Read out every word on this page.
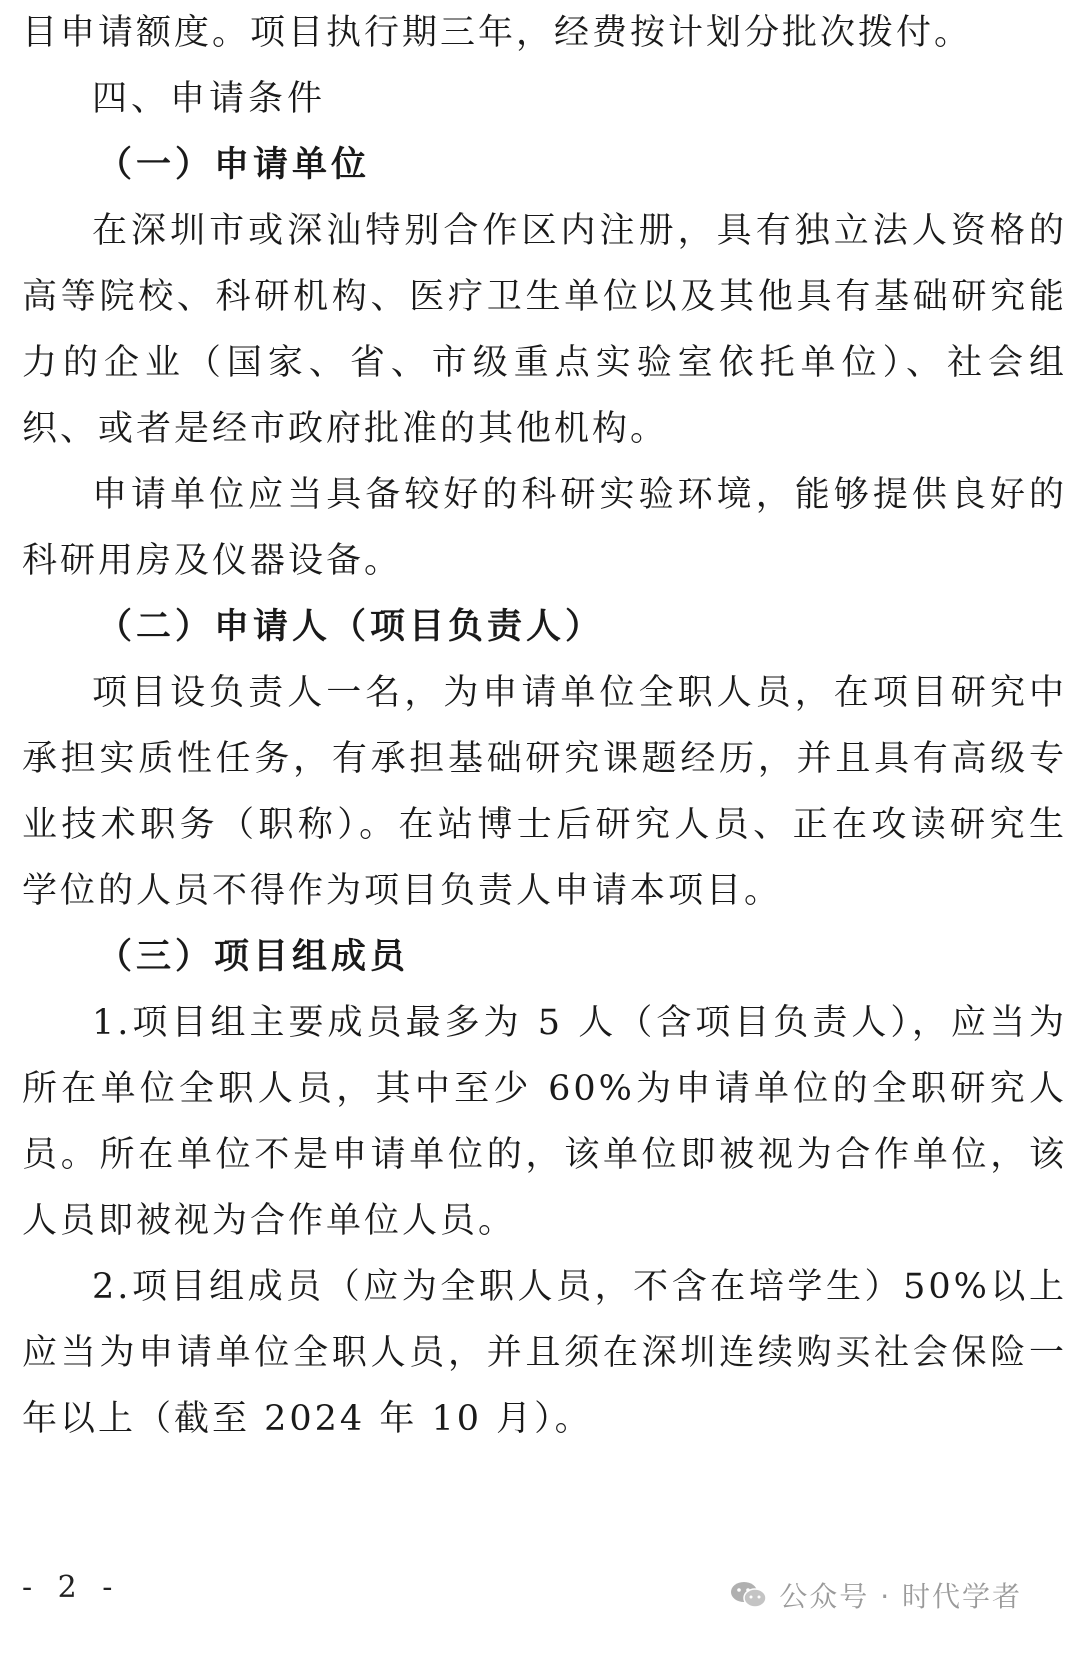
目申请额度。项目执行期三年，经费按计划分批次拨付。

四、申请条件

（一）申请单位

在深圳市或深汕特别合作区内注册，具有独立法人资格的高等院校、科研机构、医疗卫生单位以及其他具有基础研究能力的企业（国家、省、市级重点实验室依托单位）、社会组织、或者是经市政府批准的其他机构。

申请单位应当具备较好的科研实验环境，能够提供良好的科研用房及仪器设备。

（二）申请人（项目负责人）

项目设负责人一名，为申请单位全职人员，在项目研究中承担实质性任务，有承担基础研究课题经历，并且具有高级专业技术职务（职称）。在站博士后研究人员、正在攻读研究生学位的人员不得作为项目负责人申请本项目。

（三）项目组成员

1.项目组主要成员最多为 5 人（含项目负责人），应当为所在单位全职人员，其中至少 60%为申请单位的全职研究人员。所在单位不是申请单位的，该单位即被视为合作单位，该人员即被视为合作单位人员。

2.项目组成员（应为全职人员，不含在培学生）50%以上应当为申请单位全职人员，并且须在深圳连续购买社会保险一年以上（截至 2024 年 10 月）。

- 2 -	公众号 · 时代学者
